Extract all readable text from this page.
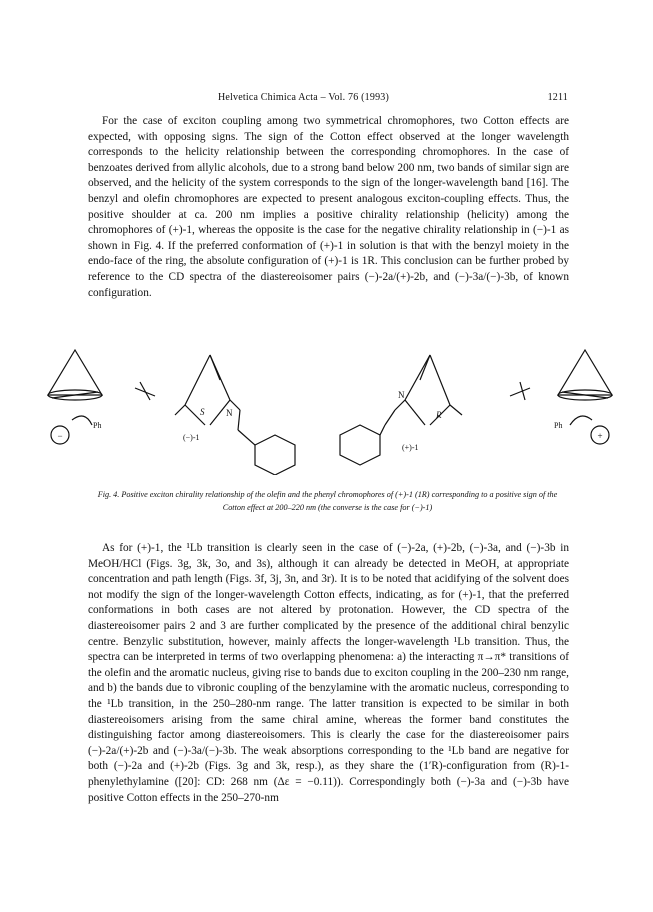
Helvetica Chimica Acta – Vol. 76 (1993)	1211

For the case of exciton coupling among two symmetrical chromophores, two Cotton effects are expected, with opposing signs. The sign of the Cotton effect observed at the longer wavelength corresponds to the helicity relationship between the corresponding chromophores. In the case of benzoates derived from allylic alcohols, due to a strong band below 200 nm, two bands of similar sign are observed, and the helicity of the system corresponds to the sign of the longer-wavelength band [16]. The benzyl and olefin chromophores are expected to present analogous exciton-coupling effects. Thus, the positive shoulder at ca. 200 nm implies a positive chirality relationship (helicity) among the chromophores of (+)-1, whereas the opposite is the case for the negative chirality relationship in (−)-1 as shown in Fig. 4. If the preferred conformation of (+)-1 in solution is that with the benzyl moiety in the endo-face of the ring, the absolute configuration of (+)-1 is 1R. This conclusion can be further probed by reference to the CD spectra of the diastereoisomer pairs (−)-2a/(+)-2b, and (−)-3a/(−)-3b, of known configuration.

−	+
Ph	Ph
S	R
N
N
(−)-1
(+)-1
Fig. 4. Positive exciton chirality relationship of the olefin and the phenyl chromophores of (+)-1 (1R) corresponding to a positive sign of the Cotton effect at 200–220 nm (the converse is the case for (−)-1)

As for (+)-1, the ¹Lb transition is clearly seen in the case of (−)-2a, (+)-2b, (−)-3a, and (−)-3b in MeOH/HCl (Figs. 3g, 3k, 3o, and 3s), although it can already be detected in MeOH, at appropriate concentration and path length (Figs. 3f, 3j, 3n, and 3r). It is to be noted that acidifying of the solvent does not modify the sign of the longer-wavelength Cotton effects, indicating, as for (+)-1, that the preferred conformations in both cases are not altered by protonation. However, the CD spectra of the diastereoisomer pairs 2 and 3 are further complicated by the presence of the additional chiral benzylic centre. Benzylic substitution, however, mainly affects the longer-wavelength ¹Lb transition. Thus, the spectra can be interpreted in terms of two overlapping phenomena: a) the interacting π→π* transitions of the olefin and the aromatic nucleus, giving rise to bands due to exciton coupling in the 200–230 nm range, and b) the bands due to vibronic coupling of the benzylamine with the aromatic nucleus, corresponding to the ¹Lb transition, in the 250–280-nm range. The latter transition is expected to be similar in both diastereoisomers arising from the same chiral amine, whereas the former band constitutes the distinguishing factor among diastereoisomers. This is clearly the case for the diastereoisomer pairs (−)-2a/(+)-2b and (−)-3a/(−)-3b. The weak absorptions corresponding to the ¹Lb band are negative for both (−)-2a and (+)-2b (Figs. 3g and 3k, resp.), as they share the (1′R)-configuration from (R)-1-phenylethylamine ([20]: CD: 268 nm (Δε = −0.11)). Correspondingly both (−)-3a and (−)-3b have positive Cotton effects in the 250–270-nm
